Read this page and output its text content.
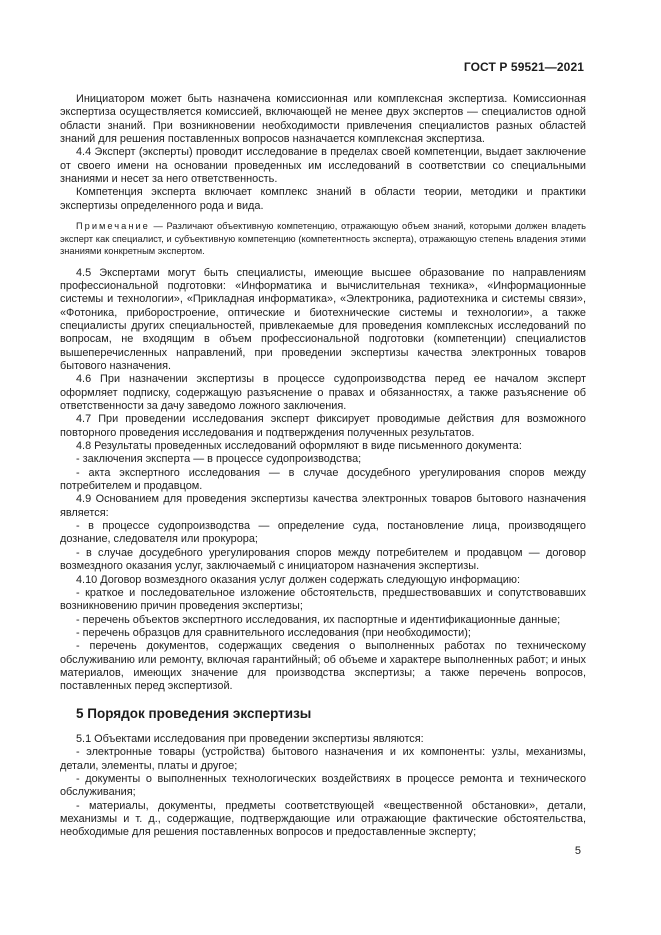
ГОСТ Р 59521—2021

Инициатором может быть назначена комиссионная или комплексная экспертиза. Комиссионная экспертиза осуществляется комиссией, включающей не менее двух экспертов — специалистов одной области знаний. При возникновении необходимости привлечения специалистов разных областей знаний для решения поставленных вопросов назначается комплексная экспертиза.

4.4 Эксперт (эксперты) проводит исследование в пределах своей компетенции, выдает заключение от своего имени на основании проведенных им исследований в соответствии со специальными знаниями и несет за него ответственность.

Компетенция эксперта включает комплекс знаний в области теории, методики и практики экспертизы определенного рода и вида.

Примечание — Различают объективную компетенцию, отражающую объем знаний, которыми должен владеть эксперт как специалист, и субъективную компетенцию (компетентность эксперта), отражающую степень владения этими знаниями конкретным экспертом.

4.5 Экспертами могут быть специалисты, имеющие высшее образование по направлениям профессиональной подготовки: «Информатика и вычислительная техника», «Информационные системы и технологии», «Прикладная информатика», «Электроника, радиотехника и системы связи», «Фотоника, приборостроение, оптические и биотехнические системы и технологии», а также специалисты других специальностей, привлекаемые для проведения комплексных исследований по вопросам, не входящим в объем профессиональной подготовки (компетенции) специалистов вышеперечисленных направлений, при проведении экспертизы качества электронных товаров бытового назначения.

4.6 При назначении экспертизы в процессе судопроизводства перед ее началом эксперт оформляет подписку, содержащую разъяснение о правах и обязанностях, а также разъяснение об ответственности за дачу заведомо ложного заключения.

4.7 При проведении исследования эксперт фиксирует проводимые действия для возможного повторного проведения исследования и подтверждения полученных результатов.

4.8 Результаты проведенных исследований оформляют в виде письменного документа:

- заключения эксперта — в процессе судопроизводства;

- акта экспертного исследования — в случае досудебного урегулирования споров между потребителем и продавцом.

4.9 Основанием для проведения экспертизы качества электронных товаров бытового назначения является:

- в процессе судопроизводства — определение суда, постановление лица, производящего дознание, следователя или прокурора;

- в случае досудебного урегулирования споров между потребителем и продавцом — договор возмездного оказания услуг, заключаемый с инициатором назначения экспертизы.

4.10 Договор возмездного оказания услуг должен содержать следующую информацию:

- краткое и последовательное изложение обстоятельств, предшествовавших и сопутствовавших возникновению причин проведения экспертизы;

- перечень объектов экспертного исследования, их паспортные и идентификационные данные;

- перечень образцов для сравнительного исследования (при необходимости);

- перечень документов, содержащих сведения о выполненных работах по техническому обслуживанию или ремонту, включая гарантийный; об объеме и характере выполненных работ; и иных материалов, имеющих значение для производства экспертизы; а также перечень вопросов, поставленных перед экспертизой.

5 Порядок проведения экспертизы

5.1 Объектами исследования при проведении экспертизы являются:

- электронные товары (устройства) бытового назначения и их компоненты: узлы, механизмы, детали, элементы, платы и другое;

- документы о выполненных технологических воздействиях в процессе ремонта и технического обслуживания;

- материалы, документы, предметы соответствующей «вещественной обстановки», детали, механизмы и т. д., содержащие, подтверждающие или отражающие фактические обстоятельства, необходимые для решения поставленных вопросов и предоставленные эксперту;

5
